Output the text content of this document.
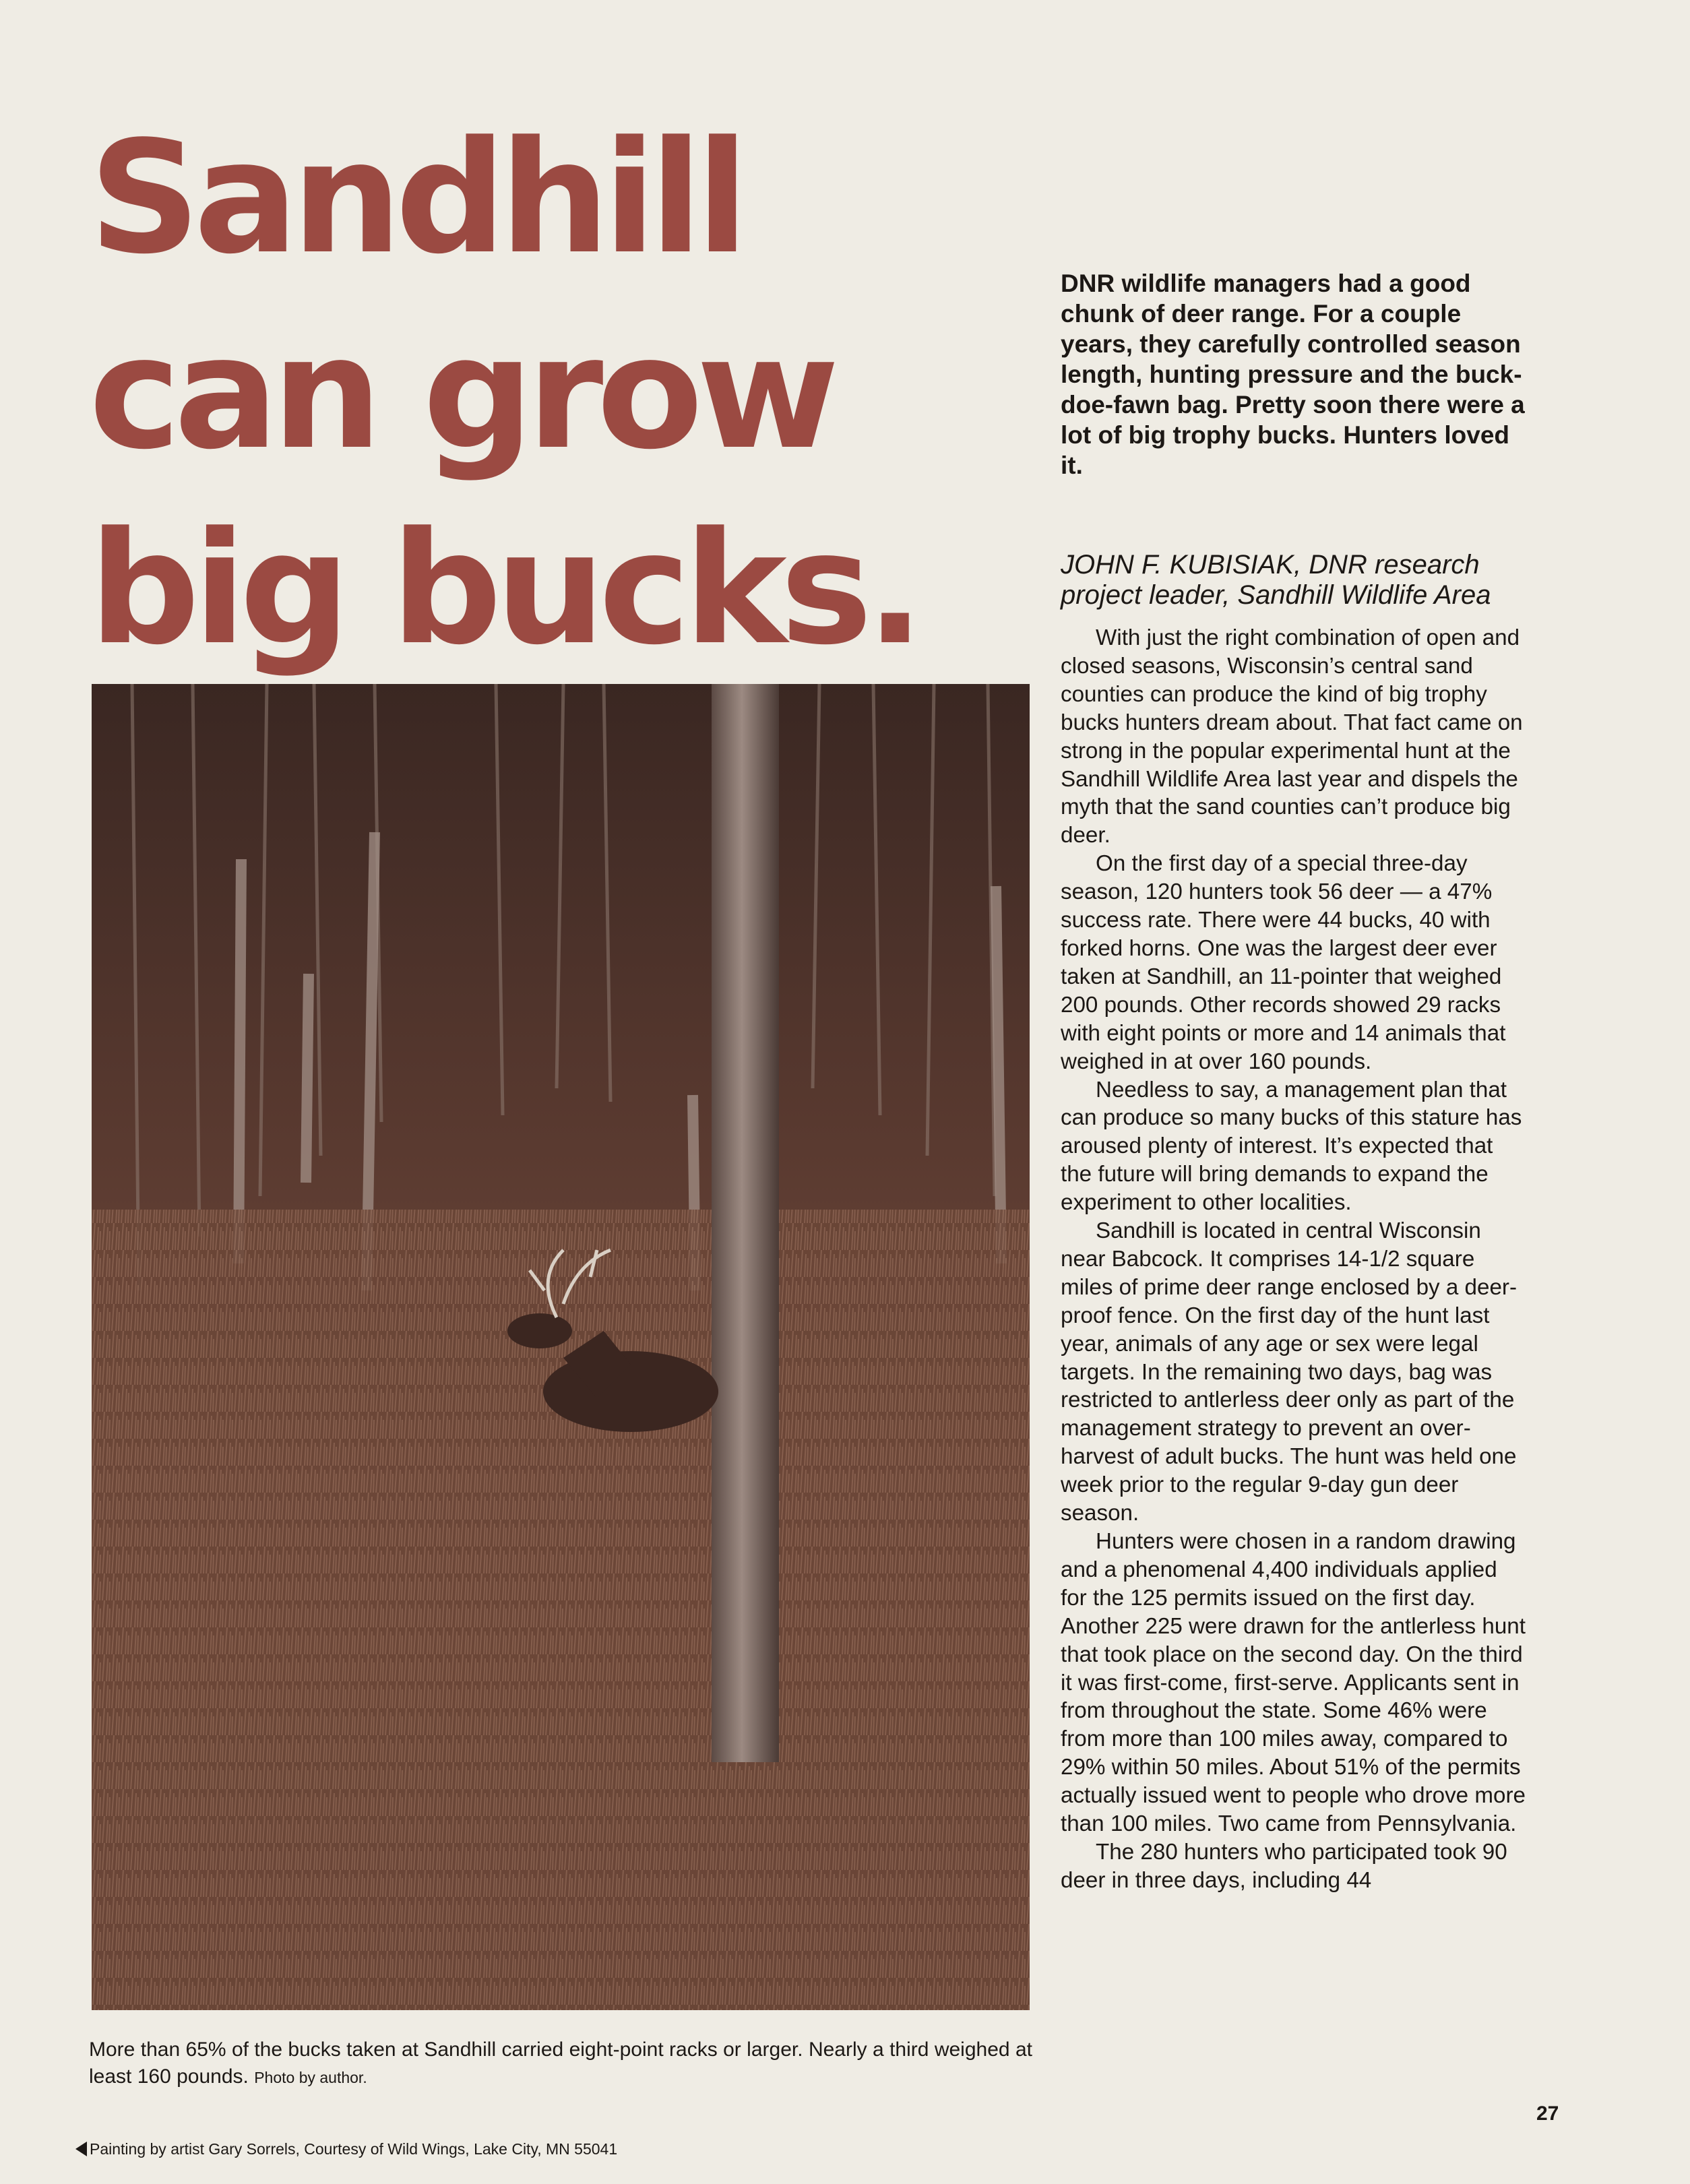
Sandhill
can grow
big bucks.

DNR wildlife managers had a good chunk of deer range. For a couple years, they carefully controlled season length, hunting pressure and the buck-doe-fawn bag. Pretty soon there were a lot of big trophy bucks. Hunters loved it.

JOHN F. KUBISIAK, DNR research
project leader, Sandhill Wildlife Area

With just the right combination of open and closed seasons, Wisconsin’s central sand counties can produce the kind of big trophy bucks hunters dream about. That fact came on strong in the popular experimental hunt at the Sandhill Wildlife Area last year and dispels the myth that the sand counties can’t produce big deer.

On the first day of a special three-day season, 120 hunters took 56 deer — a 47% success rate. There were 44 bucks, 40 with forked horns. One was the largest deer ever taken at Sandhill, an 11-pointer that weighed 200 pounds. Other records showed 29 racks with eight points or more and 14 animals that weighed in at over 160 pounds.

Needless to say, a management plan that can produce so many bucks of this stature has aroused plenty of interest. It’s expected that the future will bring demands to expand the experiment to other localities.

Sandhill is located in central Wisconsin near Babcock. It comprises 14-1/2 square miles of prime deer range enclosed by a deer-proof fence. On the first day of the hunt last year, animals of any age or sex were legal targets. In the remaining two days, bag was restricted to antlerless deer only as part of the management strategy to prevent an over-harvest of adult bucks. The hunt was held one week prior to the regular 9-day gun deer season.

Hunters were chosen in a random drawing and a phenomenal 4,400 individuals applied for the 125 permits issued on the first day. Another 225 were drawn for the antlerless hunt that took place on the second day. On the third it was first-come, first-serve. Applicants sent in from throughout the state. Some 46% were from more than 100 miles away, compared to 29% within 50 miles. About 51% of the permits actually issued went to people who drove more than 100 miles. Two came from Pennsylvania.

The 280 hunters who participated took 90 deer in three days, including 44

More than 65% of the bucks taken at Sandhill carried eight-point racks or larger. Nearly a third weighed at least 160 pounds. Photo by author.

27
Painting by artist Gary Sorrels, Courtesy of Wild Wings, Lake City, MN 55041
